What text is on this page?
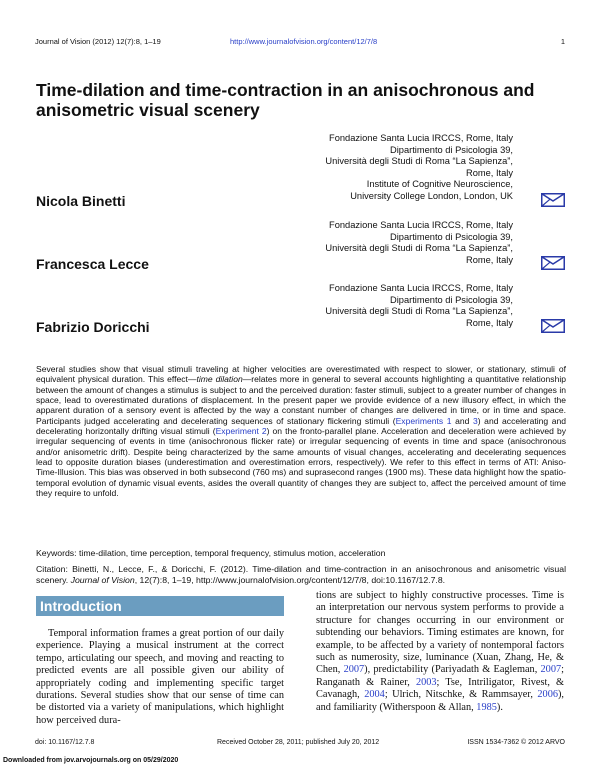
Journal of Vision (2012) 12(7):8, 1–19	http://www.journalofvision.org/content/12/7/8	1
Time-dilation and time-contraction in an anisochronous and anisometric visual scenery
Fondazione Santa Lucia IRCCS, Rome, Italy
Dipartimento di Psicologia 39,
Università degli Studi di Roma “La Sapienza”,
Rome, Italy
Institute of Cognitive Neuroscience,
University College London, London, UK
Nicola Binetti
Fondazione Santa Lucia IRCCS, Rome, Italy
Dipartimento di Psicologia 39,
Università degli Studi di Roma “La Sapienza”,
Rome, Italy
Francesca Lecce
Fondazione Santa Lucia IRCCS, Rome, Italy
Dipartimento di Psicologia 39,
Università degli Studi di Roma “La Sapienza”,
Rome, Italy
Fabrizio Doricchi

Several studies show that visual stimuli traveling at higher velocities are overestimated with respect to slower, or stationary, stimuli of equivalent physical duration. This effect—time dilation—relates more in general to several accounts highlighting a quantitative relationship between the amount of changes a stimulus is subject to and the perceived duration: faster stimuli, subject to a greater number of changes in space, lead to overestimated durations of displacement. In the present paper we provide evidence of a new illusory effect, in which the apparent duration of a sensory event is affected by the way a constant number of changes are delivered in time, or in time and space. Participants judged accelerating and decelerating sequences of stationary flickering stimuli (Experiments 1 and 3) and accelerating and decelerating horizontally drifting visual stimuli (Experiment 2) on the fronto-parallel plane. Acceleration and deceleration were achieved by irregular sequencing of events in time (anisochronous flicker rate) or irregular sequencing of events in time and space (anisochronous and/or anisometric drift). Despite being characterized by the same amounts of visual changes, accelerating and decelerating sequences lead to opposite duration biases (underestimation and overestimation errors, respectively). We refer to this effect in terms of ATI: Aniso-Time-Illusion. This bias was observed in both subsecond (760 ms) and suprasecond ranges (1900 ms). These data highlight how the spatio-temporal evolution of dynamic visual events, asides the overall quantity of changes they are subject to, affect the perceived amount of time they require to unfold.

Keywords: time-dilation, time perception, temporal frequency, stimulus motion, acceleration
Citation: Binetti, N., Lecce, F., & Doricchi, F. (2012). Time-dilation and time-contraction in an anisochronous and anisometric visual scenery. Journal of Vision, 12(7):8, 1–19, http://www.journalofvision.org/content/12/7/8, doi:10.1167/12.7.8.
Introduction

Temporal information frames a great portion of our daily experience. Playing a musical instrument at the correct tempo, articulating our speech, and moving and reacting to predicted events are all possible given our ability of appropriately coding and implementing specific target durations. Several studies show that our sense of time can be distorted via a variety of manipulations, which highlight how perceived dura-

tions are subject to highly constructive processes. Time is an interpretation our nervous system performs to provide a structure for changes occurring in our environment or subtending our behaviors. Timing estimates are known, for example, to be affected by a variety of nontemporal factors such as numerosity, size, luminance (Xuan, Zhang, He, & Chen, 2007), predictability (Pariyadath & Eagleman, 2007; Ranganath & Rainer, 2003; Tse, Intriligator, Rivest, & Cavanagh, 2004; Ulrich, Nitschke, & Rammsayer, 2006), and familiarity (Witherspoon & Allan, 1985).

doi: 10.1167/12.7.8	Received October 28, 2011; published July 20, 2012	ISSN 1534-7362 © 2012 ARVO
Downloaded from jov.arvojournals.org on 05/29/2020
